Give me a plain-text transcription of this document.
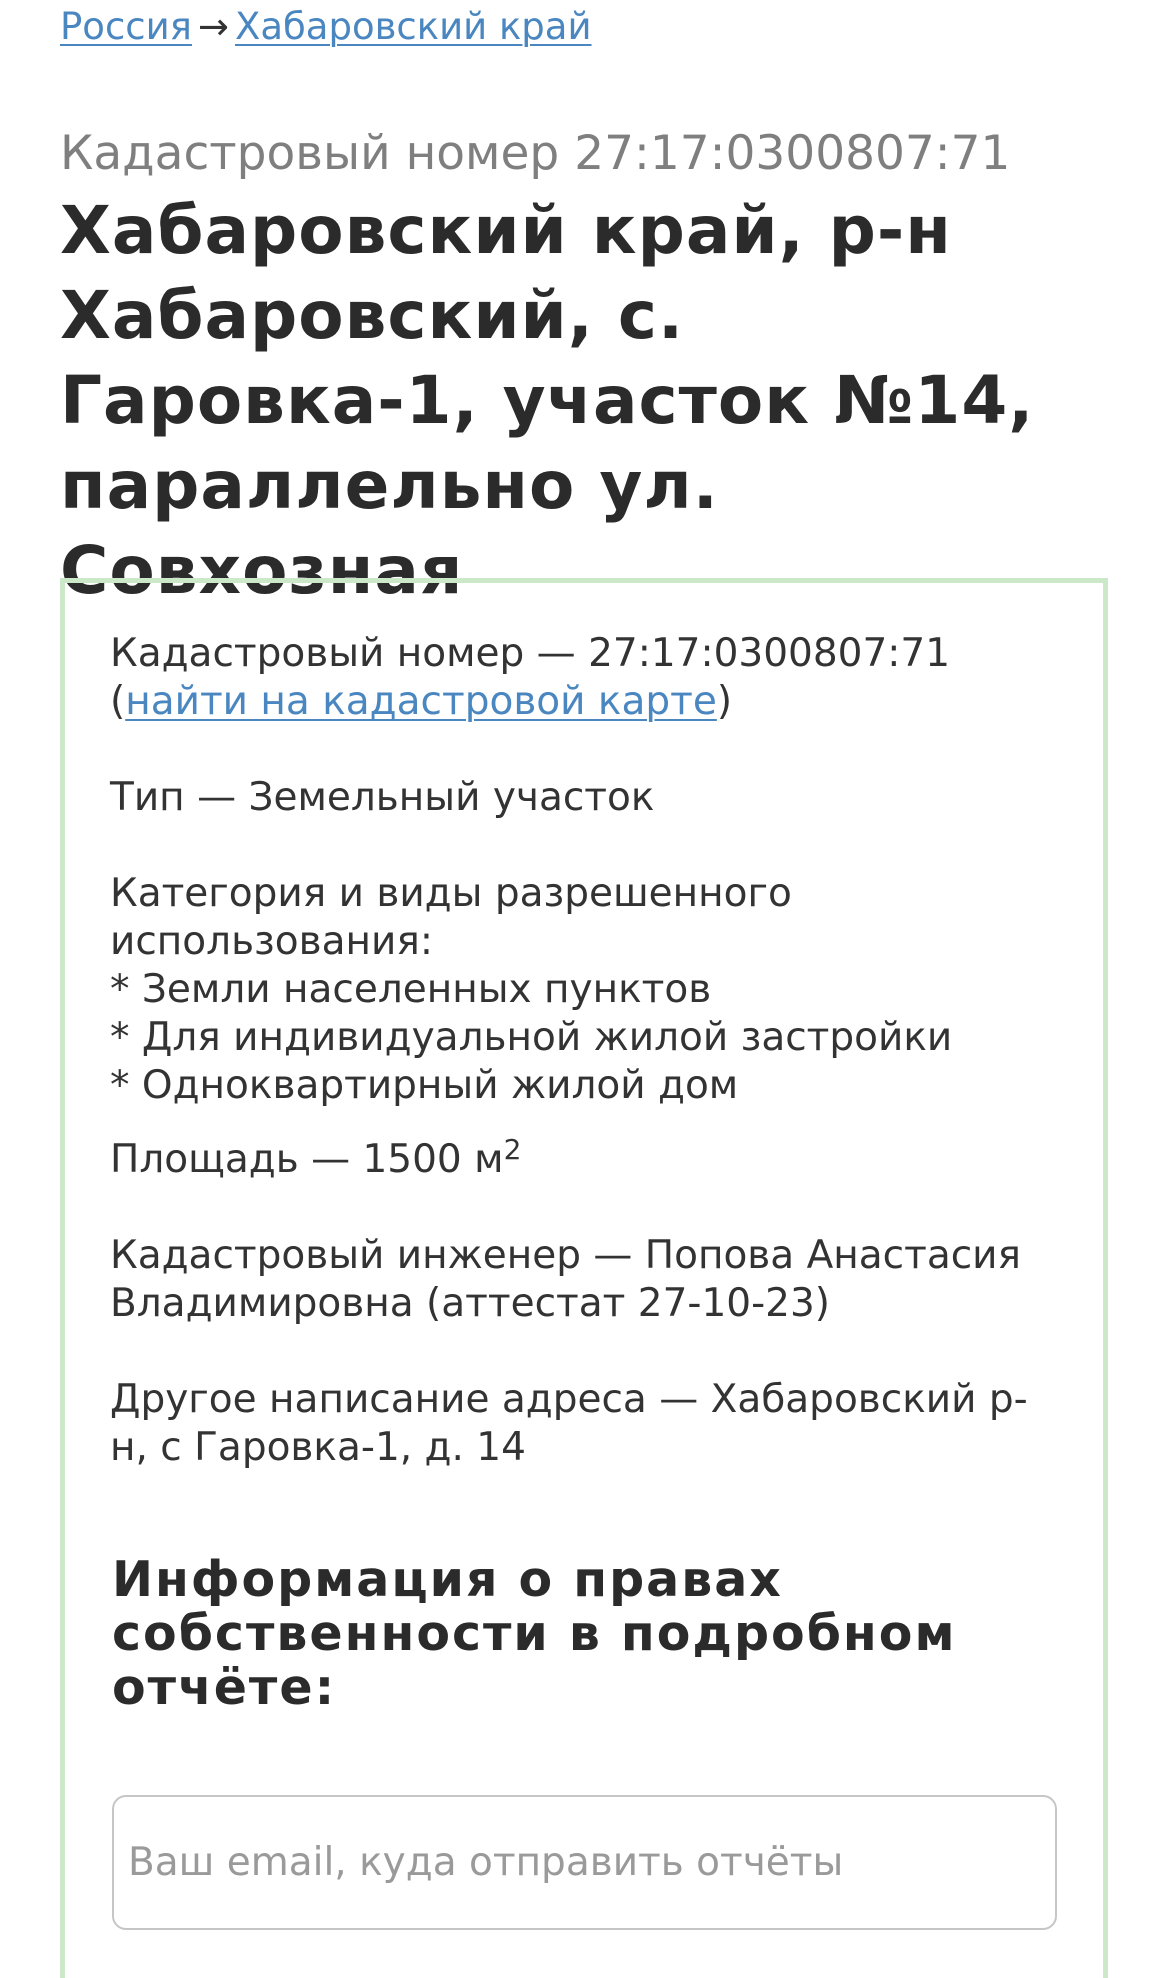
Россия → Хабаровский край
Кадастровый номер 27:17:0300807:71
Хабаровский край, р-н Хабаровский, с. Гаровка-1, участок №14, параллельно ул. Совхозная

Кадастровый номер — 27:17:0300807:71
(найти на кадастровой карте)

Тип — Земельный участок

Категория и виды разрешенного использования:
* Земли населенных пунктов
* Для индивидуальной жилой застройки
* Одноквартирный жилой дом

Площадь — 1500 $м^2$

Кадастровый инженер — Попова Анастасия Владимировна (аттестат 27-10-23)

Другое написание адреса — Хабаровский р-н, с Гаровка-1, д. 14

Информация о правах собственности в подробном отчёте:
Ваш email, куда отправить отчёты
